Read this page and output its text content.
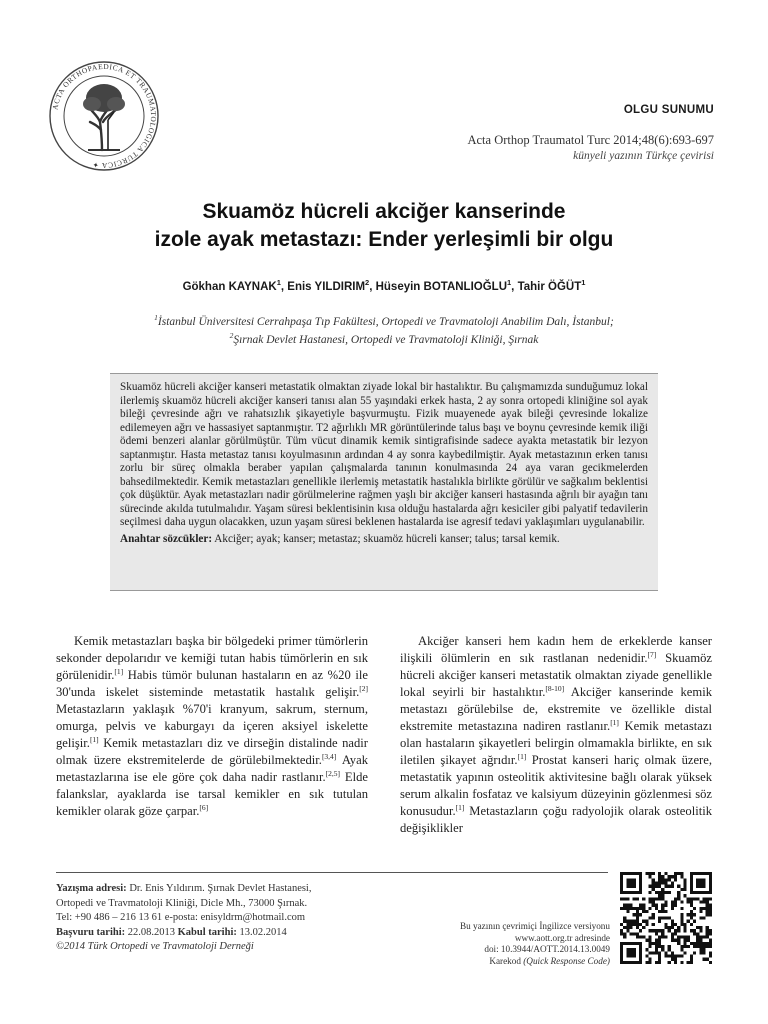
ACTA ORTHOPAEDICA ET TRAUMATOLOGICA TURCICA ✦
OLGU SUNUMU
Acta Orthop Traumatol Turc 2014;48(6):693-697
künyeli yazının Türkçe çevirisi
Skuamöz hücreli akciğer kanserinde
izole ayak metastazı: Ender yerleşimli bir olgu
Gökhan KAYNAK$^1$, Enis YILDIRIM$^2$, Hüseyin BOTANLIOĞLU$^1$, Tahir ÖĞÜT$^1$
$^1$İstanbul Üniversitesi Cerrahpaşa Tıp Fakültesi, Ortopedi ve Travmatoloji Anabilim Dalı, İstanbul;
$^2$Şırnak Devlet Hastanesi, Ortopedi ve Travmatoloji Kliniği, Şırnak
Skuamöz hücreli akciğer kanseri metastatik olmaktan ziyade lokal bir hastalıktır. Bu çalışmamızda sunduğumuz lokal ilerlemiş skuamöz hücreli akciğer kanseri tanısı alan 55 yaşındaki erkek hasta, 2 ay sonra ortopedi kliniğine sol ayak bileği çevresinde ağrı ve rahatsızlık şikayetiyle başvurmuştu. Fizik muayenede ayak bileği çevresinde lokalize edilemeyen ağrı ve hassasiyet saptanmıştır. T2 ağırlıklı MR görüntülerinde talus başı ve boynu çevresinde kemik iliği ödemi benzeri alanlar görülmüştür. Tüm vücut dinamik kemik sintigrafisinde sadece ayakta metastatik bir lezyon saptanmıştır. Hasta metastaz tanısı koyulmasının ardından 4 ay sonra kaybedilmiştir. Ayak metastazının erken tanısı zorlu bir süreç olmakla beraber yapılan çalışmalarda tanının konulmasında 24 aya varan gecikmelerden bahsedilmektedir. Kemik metastazları genellikle ilerlemiş metastatik hastalıkla birlikte görülür ve sağkalım beklentisi çok düşüktür. Ayak metastazları nadir görülmelerine rağmen yaşlı bir akciğer kanseri hastasında ağrılı bir ayağın tanı sürecinde akılda tutulmalıdır. Yaşam süresi beklentisinin kısa olduğu hastalarda ağrı kesiciler gibi palyatif tedavilerin seçilmesi daha uygun olacakken, uzun yaşam süresi beklenen hastalarda ise agresif tedavi yaklaşımları uygulanabilir.
Anahtar sözcükler: Akciğer; ayak; kanser; metastaz; skuamöz hücreli kanser; talus; tarsal kemik.

Kemik metastazları başka bir bölgedeki primer tümörlerin sekonder depolarıdır ve kemiği tutan habis tümörlerin en sık görülenidir.[1] Habis tümör bulunan hastaların en az %20 ile 30'unda iskelet sisteminde metastatik hastalık gelişir.[2] Metastazların yaklaşık %70'i kranyum, sakrum, sternum, omurga, pelvis ve kaburgayı da içeren aksiyel iskelette gelişir.[1] Kemik metastazları diz ve dirseğin distalinde nadir olmak üzere ekstremitelerde de görülebilmektedir.[3,4] Ayak metastazlarına ise ele göre çok daha nadir rastlanır.[2,5] Elde falankslar, ayaklarda ise tarsal kemikler en sık tutulan kemikler olarak göze çarpar.[6]

Akciğer kanseri hem kadın hem de erkeklerde kanser ilişkili ölümlerin en sık rastlanan nedenidir.[7] Skuamöz hücreli akciğer kanseri metastatik olmaktan ziyade genellikle lokal seyirli bir hastalıktır.[8-10] Akciğer kanserinde kemik metastazı görülebilse de, ekstremite ve özellikle distal ekstremite metastazına nadiren rastlanır.[1] Kemik metastazı olan hastaların şikayetleri belirgin olmamakla birlikte, en sık iletilen şikayet ağrıdır.[1] Prostat kanseri hariç olmak üzere, metastatik yapının osteolitik aktivitesine bağlı olarak yüksek serum alkalin fosfataz ve kalsiyum düzeyinin gözlenmesi söz konusudur.[1] Metastazların çoğu radyolojik olarak osteolitik değişiklikler

Yazışma adresi: Dr. Enis Yıldırım. Şırnak Devlet Hastanesi,
Ortopedi ve Travmatoloji Kliniği, Dicle Mh., 73000 Şırnak.
Tel: +90 486 – 216 13 61 e-posta: enisyldrm@hotmail.com
Başvuru tarihi: 22.08.2013 Kabul tarihi: 13.02.2014
©2014 Türk Ortopedi ve Travmatoloji Derneği
Bu yazının çevrimiçi İngilizce versiyonu
www.aott.org.tr adresinde
doi: 10.3944/AOTT.2014.13.0049
Karekod (Quick Response Code)
